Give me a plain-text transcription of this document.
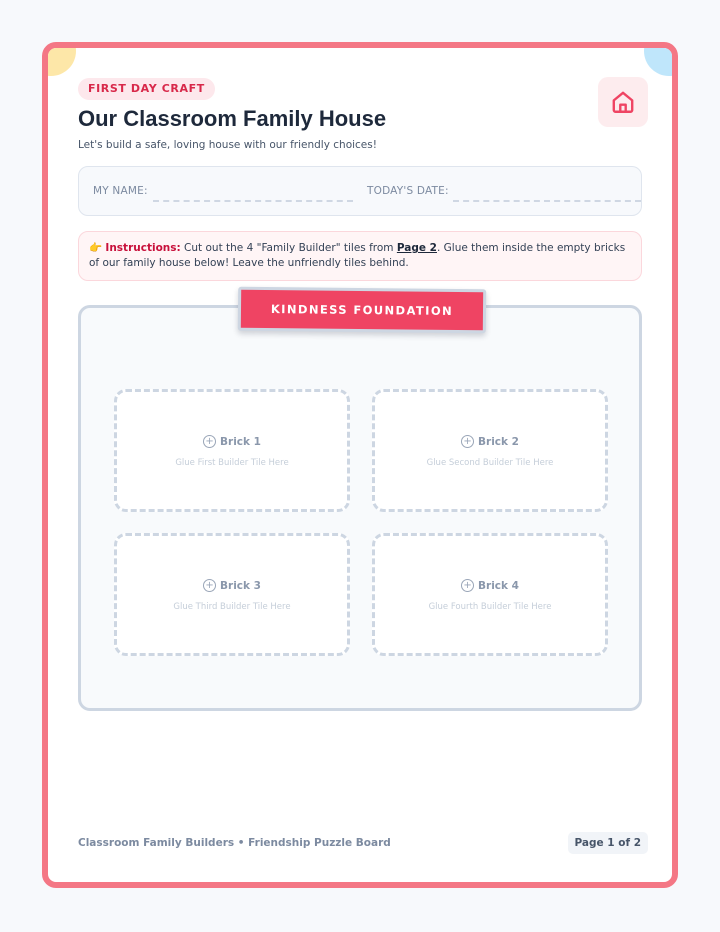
FIRST DAY CRAFT
Our Classroom Family House
Let's build a safe, loving house with our friendly choices!
MY NAME:	TODAY'S DATE:
👉 Instructions: Cut out the 4 "Family Builder" tiles from Page 2. Glue them inside the empty bricks of our family house below! Leave the unfriendly tiles behind.
KINDNESS FOUNDATION
+ Brick 1
Glue First Builder Tile Here
+ Brick 2
Glue Second Builder Tile Here
+ Brick 3
Glue Third Builder Tile Here
+ Brick 4
Glue Fourth Builder Tile Here
Classroom Family Builders • Friendship Puzzle Board	Page 1 of 2
